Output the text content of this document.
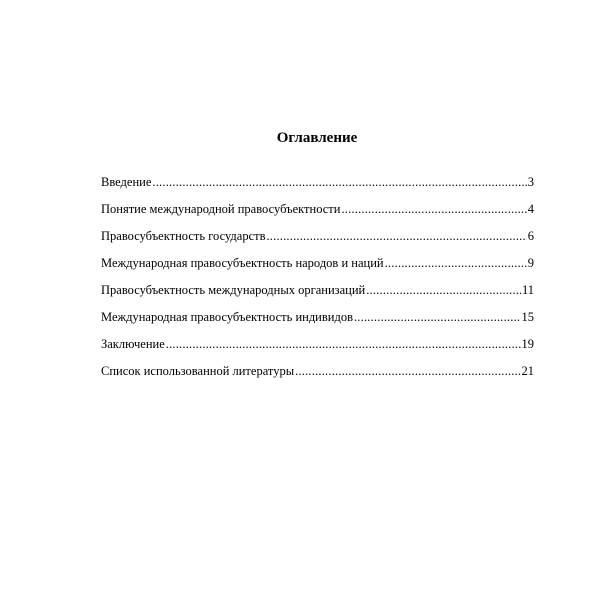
Оглавление
Введение .....	3
Понятие международной правосубъектности .....	4
Правосубъектность государств .....	6
Международная правосубъектность народов и наций .....	9
Правосубъектность международных организаций .....	11
Международная правосубъектность индивидов .....	15
Заключение .....	19
Список использованной литературы .....	21
